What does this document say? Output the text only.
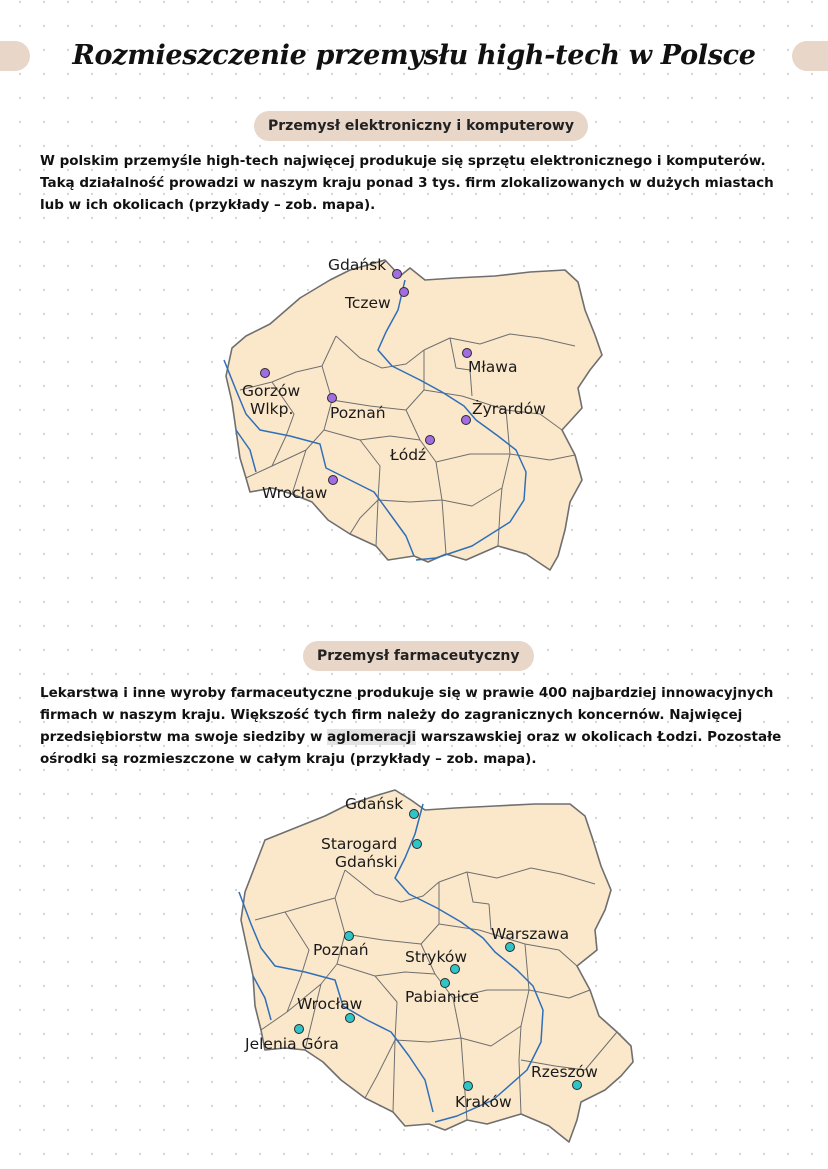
Rozmieszczenie przemysłu high-tech w Polsce
Przemysł elektroniczny i komputerowy
W polskim przemyśle high-tech najwięcej produkuje się sprzętu elektronicznego i komputerów. Taką działalność prowadzi w naszym kraju ponad 3 tys. firm zlokalizowanych w dużych miastach lub w ich okolicach (przykłady – zob. mapa).
Gdańsk
Tczew
Mława
Gorzów
Wlkp. Poznań	Żyrardów
Łódź
Wrocław
Przemysł farmaceutyczny
Lekarstwa i inne wyroby farmaceutyczne produkuje się w prawie 400 najbardziej innowacyjnych firmach w naszym kraju. Większość tych firm należy do zagranicznych koncernów. Najwięcej przedsiębiorstw ma swoje siedziby w aglomeracji warszawskiej oraz w okolicach Łodzi. Pozostałe ośrodki są rozmieszczone w całym kraju (przykłady – zob. mapa).
Gdańsk
Starogard
Gdański
Warszawa
Poznań Stryków
Pabianice
Wrocław
Jelenia Góra
Rzeszów
Kraków
